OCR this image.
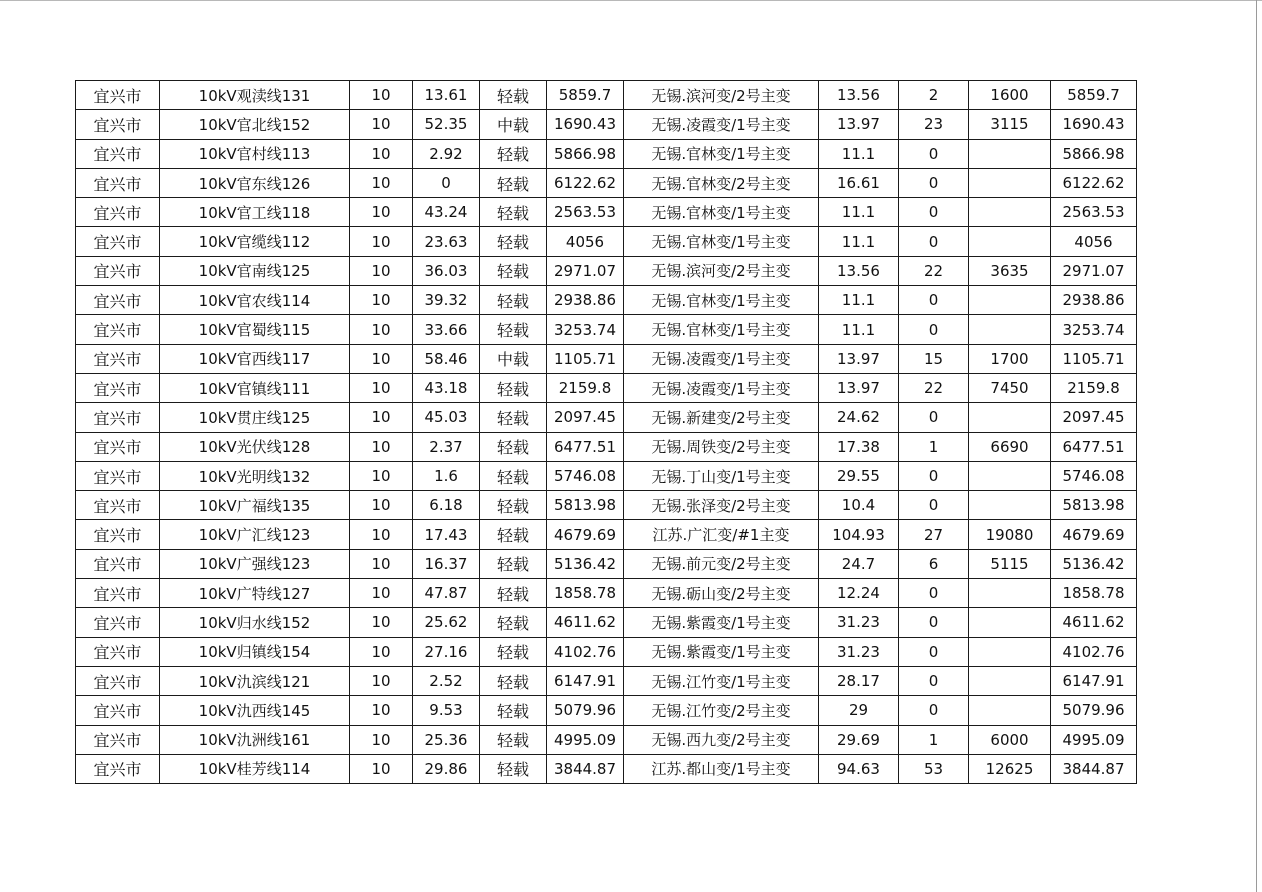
宜兴市	10kV观渎线131	10	13.61	轻载	5859.7	无锡.滨河变/2号主变	13.56	2	1600	5859.7
宜兴市	10kV官北线152	10	52.35	中载	1690.43	无锡.凌霞变/1号主变	13.97	23	3115	1690.43
宜兴市	10kV官村线113	10	2.92	轻载	5866.98	无锡.官林变/1号主变	11.1	0		5866.98
宜兴市	10kV官东线126	10	0	轻载	6122.62	无锡.官林变/2号主变	16.61	0		6122.62
宜兴市	10kV官工线118	10	43.24	轻载	2563.53	无锡.官林变/1号主变	11.1	0		2563.53
宜兴市	10kV官缆线112	10	23.63	轻载	4056	无锡.官林变/1号主变	11.1	0		4056
宜兴市	10kV官南线125	10	36.03	轻载	2971.07	无锡.滨河变/2号主变	13.56	22	3635	2971.07
宜兴市	10kV官农线114	10	39.32	轻载	2938.86	无锡.官林变/1号主变	11.1	0		2938.86
宜兴市	10kV官蜀线115	10	33.66	轻载	3253.74	无锡.官林变/1号主变	11.1	0		3253.74
宜兴市	10kV官西线117	10	58.46	中载	1105.71	无锡.凌霞变/1号主变	13.97	15	1700	1105.71
宜兴市	10kV官镇线111	10	43.18	轻载	2159.8	无锡.凌霞变/1号主变	13.97	22	7450	2159.8
宜兴市	10kV贯庄线125	10	45.03	轻载	2097.45	无锡.新建变/2号主变	24.62	0		2097.45
宜兴市	10kV光伏线128	10	2.37	轻载	6477.51	无锡.周铁变/2号主变	17.38	1	6690	6477.51
宜兴市	10kV光明线132	10	1.6	轻载	5746.08	无锡.丁山变/1号主变	29.55	0		5746.08
宜兴市	10kV广福线135	10	6.18	轻载	5813.98	无锡.张泽变/2号主变	10.4	0		5813.98
宜兴市	10kV广汇线123	10	17.43	轻载	4679.69	江苏.广汇变/#1主变	104.93	27	19080	4679.69
宜兴市	10kV广强线123	10	16.37	轻载	5136.42	无锡.前元变/2号主变	24.7	6	5115	5136.42
宜兴市	10kV广特线127	10	47.87	轻载	1858.78	无锡.砺山变/2号主变	12.24	0		1858.78
宜兴市	10kV归水线152	10	25.62	轻载	4611.62	无锡.紫霞变/1号主变	31.23	0		4611.62
宜兴市	10kV归镇线154	10	27.16	轻载	4102.76	无锡.紫霞变/1号主变	31.23	0		4102.76
宜兴市	10kV氿滨线121	10	2.52	轻载	6147.91	无锡.江竹变/1号主变	28.17	0		6147.91
宜兴市	10kV氿西线145	10	9.53	轻载	5079.96	无锡.江竹变/2号主变	29	0		5079.96
宜兴市	10kV氿洲线161	10	25.36	轻载	4995.09	无锡.西九变/2号主变	29.69	1	6000	4995.09
宜兴市	10kV桂芳线114	10	29.86	轻载	3844.87	江苏.都山变/1号主变	94.63	53	12625	3844.87
